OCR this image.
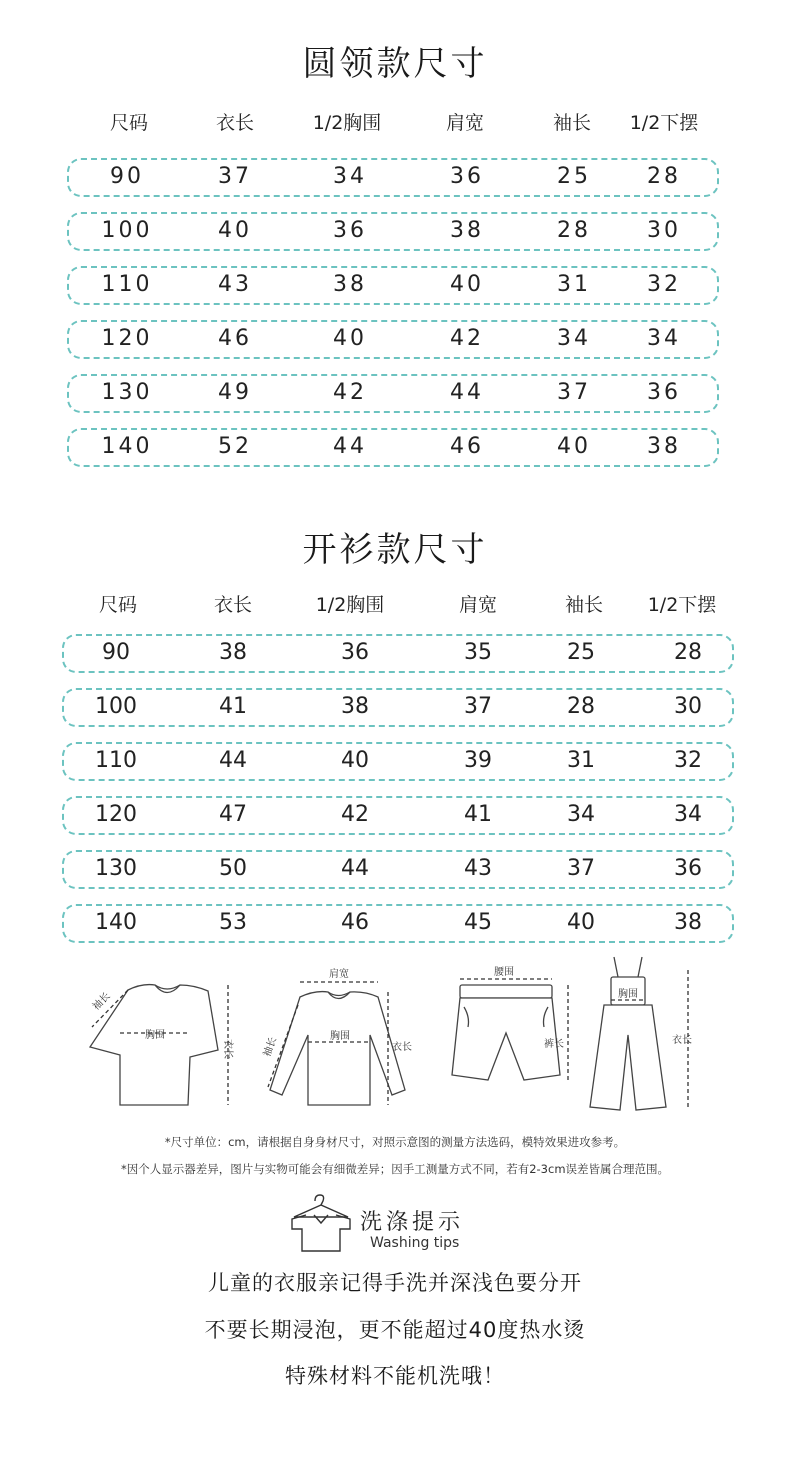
圆领款尺寸
尺码	衣长	1/2胸围	肩宽	袖长	1/2下摆
90	37	34	36	25	28
100	40	36	38	28	30
110	43	38	40	31	32
120	46	40	42	34	34
130	49	42	44	37	36
140	52	44	46	40	38
开衫款尺寸
尺码	衣长	1/2胸围	肩宽	袖长	1/2下摆
90	38	36	35	25	28
100	41	38	37	28	30
110	44	40	39	31	32
120	47	42	41	34	34
130	50	44	43	37	36
140	53	46	45	40	38
袖长
胸围
衣长
肩宽
袖长	胸围
衣长
腰围
裤长
胸围
衣长
*尺寸单位：cm，请根据自身身材尺寸，对照示意图的测量方法选码，模特效果进攻参考。
*因个人显示器差异，图片与实物可能会有细微差异；因手工测量方式不同，若有2-3cm误差皆属合理范围。
洗涤提示
Washing tips
儿童的衣服亲记得手洗并深浅色要分开
不要长期浸泡，更不能超过40度热水烫
特殊材料不能机洗哦！
